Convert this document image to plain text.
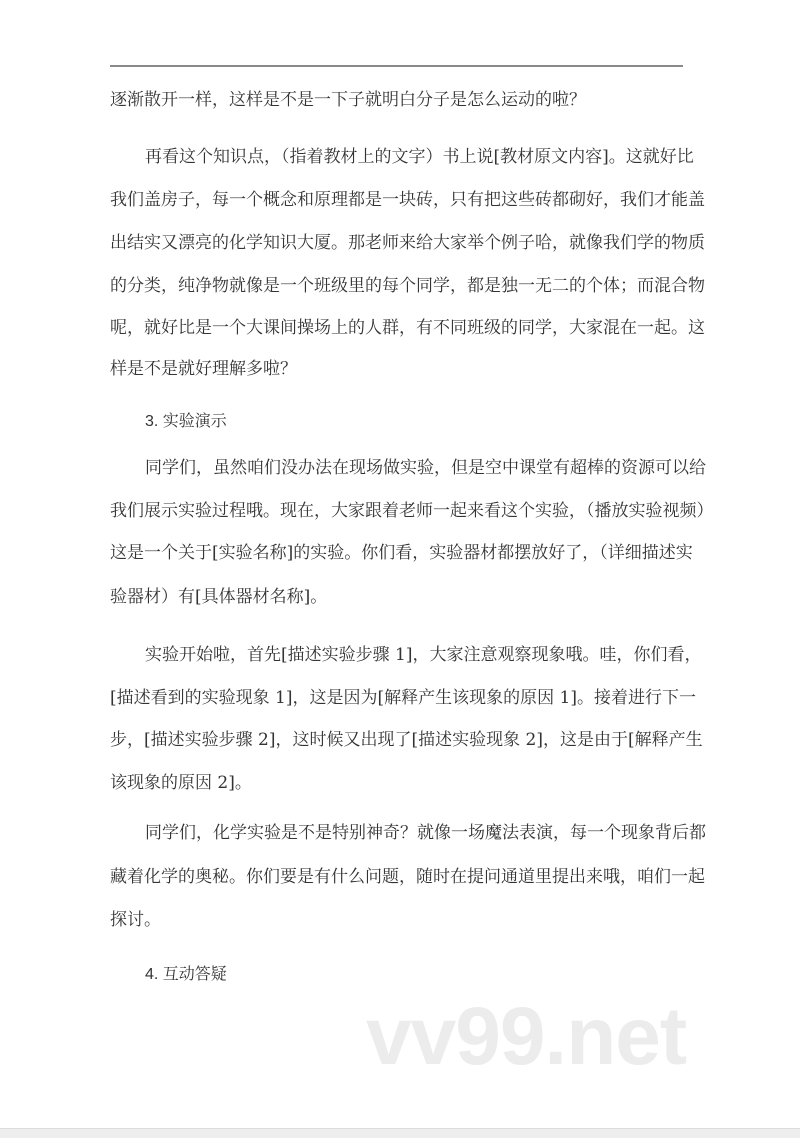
逐渐散开一样，这样是不是一下子就明白分子是怎么运动的啦？
再看这个知识点，（指着教材上的文字）书上说[教材原文内容]。这就好比
我们盖房子，每一个概念和原理都是一块砖，只有把这些砖都砌好，我们才能盖
出结实又漂亮的化学知识大厦。那老师来给大家举个例子哈，就像我们学的物质
的分类，纯净物就像是一个班级里的每个同学，都是独一无二的个体；而混合物
呢，就好比是一个大课间操场上的人群，有不同班级的同学，大家混在一起。这
样是不是就好理解多啦？
3. 实验演示
同学们，虽然咱们没办法在现场做实验，但是空中课堂有超棒的资源可以给
我们展示实验过程哦。现在，大家跟着老师一起来看这个实验，（播放实验视频）
这是一个关于[实验名称]的实验。你们看，实验器材都摆放好了，（详细描述实
验器材）有[具体器材名称]。
实验开始啦，首先[描述实验步骤 1]，大家注意观察现象哦。哇，你们看，
[描述看到的实验现象 1]，这是因为[解释产生该现象的原因 1]。接着进行下一
步，[描述实验步骤 2]，这时候又出现了[描述实验现象 2]，这是由于[解释产生
该现象的原因 2]。
同学们，化学实验是不是特别神奇？就像一场魔法表演，每一个现象背后都
藏着化学的奥秘。你们要是有什么问题，随时在提问通道里提出来哦，咱们一起
探讨。
4. 互动答疑
vv99.net
